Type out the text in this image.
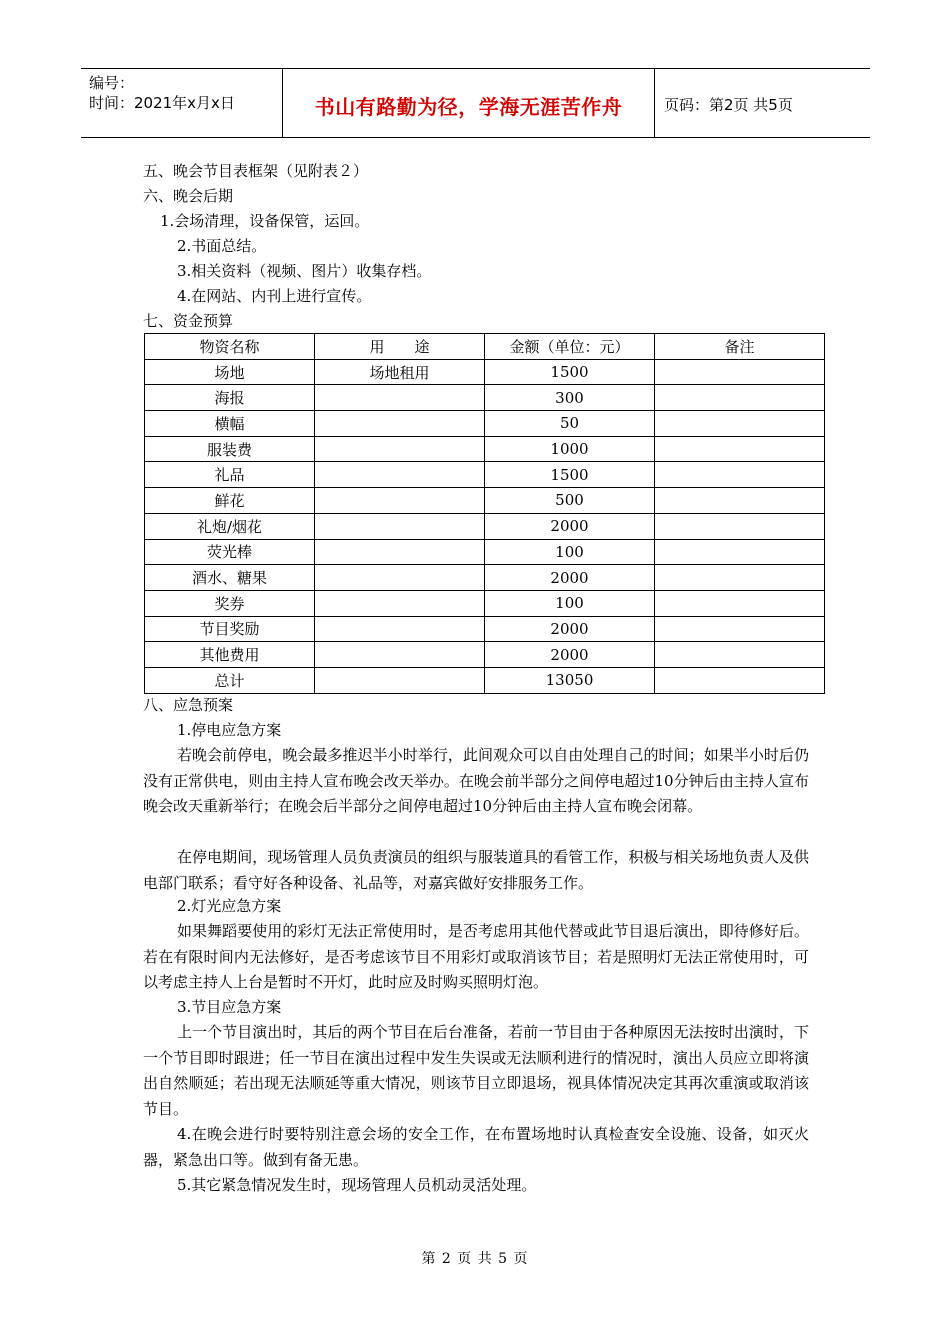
编号：
时间：2021年x月x日	书山有路勤为径，学海无涯苦作舟	页码：第2页 共5页
五、晚会节目表框架（见附表２）
六、晚会后期
1.会场清理，设备保管，运回。
2.书面总结。
3.相关资料（视频、图片）收集存档。
4.在网站、内刊上进行宣传。
七、资金预算
物资名称	用　　途	金额（单位：元）	备注
场地	场地租用	1500	
海报		300	
横幅		50	
服装费		1000	
礼品		1500	
鲜花		500	
礼炮/烟花		2000	
荧光棒		100	
酒水、糖果		2000	
奖券		100	
节目奖励		2000	
其他费用		2000	
总计		13050	
八、应急预案
1.停电应急方案
若晚会前停电，晚会最多推迟半小时举行，此间观众可以自由处理自己的时间；如果半小时后仍没有正常供电，则由主持人宣布晚会改天举办。在晚会前半部分之间停电超过10分钟后由主持人宣布晚会改天重新举行；在晚会后半部分之间停电超过10分钟后由主持人宣布晚会闭幕。
在停电期间，现场管理人员负责演员的组织与服装道具的看管工作，积极与相关场地负责人及供电部门联系；看守好各种设备、礼品等，对嘉宾做好安排服务工作。
2.灯光应急方案
如果舞蹈要使用的彩灯无法正常使用时，是否考虑用其他代替或此节目退后演出，即待修好后。若在有限时间内无法修好，是否考虑该节目不用彩灯或取消该节目；若是照明灯无法正常使用时，可以考虑主持人上台是暂时不开灯，此时应及时购买照明灯泡。
3.节目应急方案
上一个节目演出时，其后的两个节目在后台准备，若前一节目由于各种原因无法按时出演时，下一个节目即时跟进；任一节目在演出过程中发生失误或无法顺利进行的情况时，演出人员应立即将演出自然顺延；若出现无法顺延等重大情况，则该节目立即退场，视具体情况决定其再次重演或取消该节目。
4.在晚会进行时要特别注意会场的安全工作，在布置场地时认真检查安全设施、设备，如灭火器，紧急出口等。做到有备无患。
5.其它紧急情况发生时，现场管理人员机动灵活处理。
第 2 页 共 5 页
